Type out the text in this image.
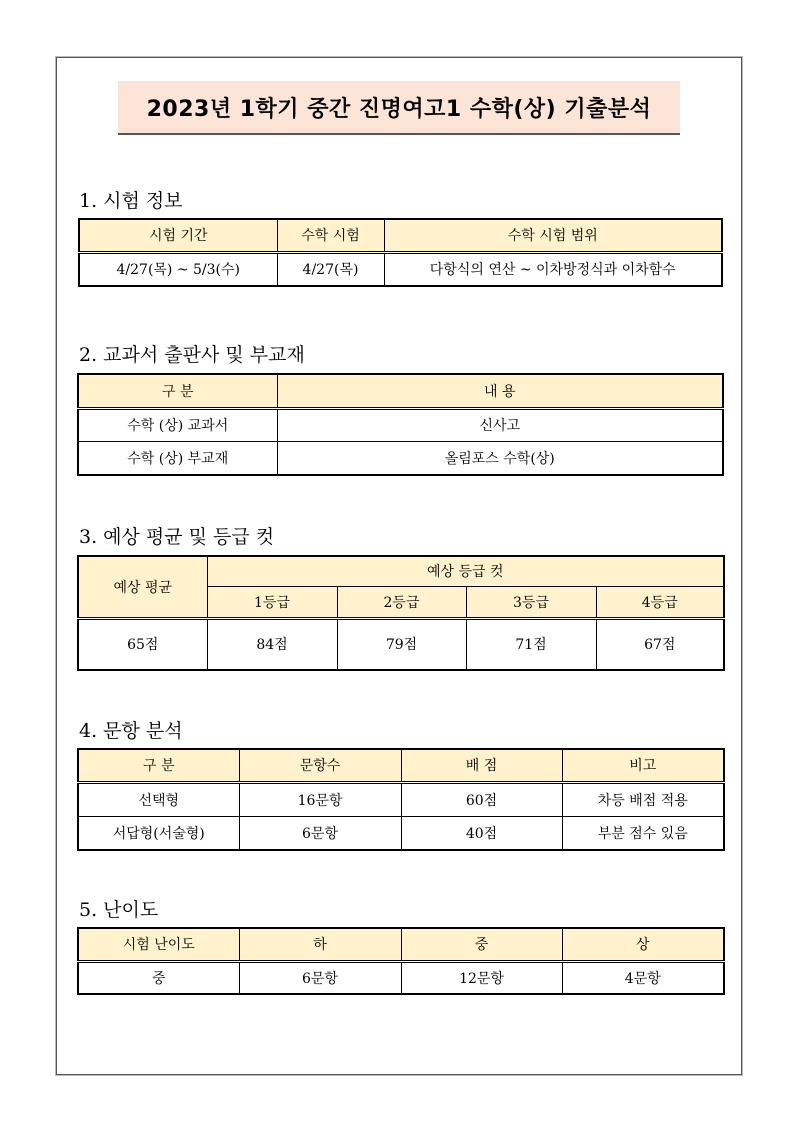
2023년 1학기 중간 진명여고1 수학(상) 기출분석
1. 시험 정보
시험 기간	수학 시험	수학 시험 범위
4/27(목) ~ 5/3(수)	4/27(목)	다항식의 연산 ~ 이차방정식과 이차함수
2. 교과서 출판사 및 부교재
구 분	내 용
수학 (상) 교과서	신사고
수학 (상) 부교재	올림포스 수학(상)
3. 예상 평균 및 등급 컷
예상 평균	예상 등급 컷			
	1등급	2등급	3등급	4등급
65점	84점	79점	71점	67점
4. 문항 분석
구 분	문항수	배 점	비고
선택형	16문항	60점	차등 배점 적용
서답형(서술형)	6문항	40점	부분 점수 있음
5. 난이도
시험 난이도	하	중	상
중	6문항	12문항	4문항
